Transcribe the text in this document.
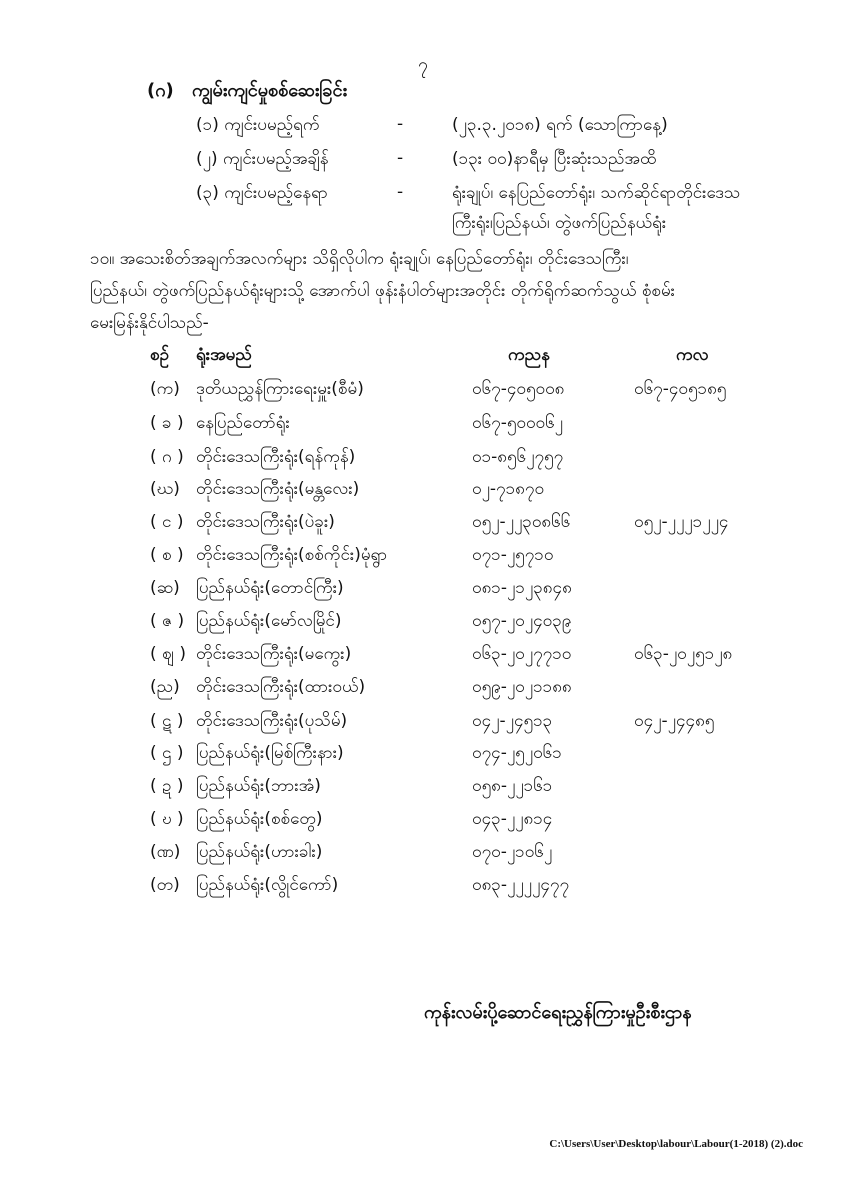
၇
(ဂ) ကျွမ်းကျင်မှုစစ်ဆေးခြင်း
(၁) ကျင်းပမည့်ရက်	-	(၂၃.၃.၂၀၁၈) ရက် (သောကြာနေ့)
(၂) ကျင်းပမည့်အချိန်	-	(၁၃း ၀၀)နာရီမှ ပြီးဆုံးသည်အထိ
(၃) ကျင်းပမည့်နေရာ	-	ရုံးချုပ်၊ နေပြည်တော်ရုံး၊ သက်ဆိုင်ရာတိုင်းဒေသ
ကြီးရုံး၊ပြည်နယ်၊ တွဲဖက်ပြည်နယ်ရုံး
၁၀။ အသေးစိတ်အချက်အလက်များ သိရှိလိုပါက ရုံးချုပ်၊ နေပြည်တော်ရုံး၊ တိုင်းဒေသကြီး၊
ပြည်နယ်၊ တွဲဖက်ပြည်နယ်ရုံးများသို့ အောက်ပါ ဖုန်းနံပါတ်များအတိုင်း တိုက်ရိုက်ဆက်သွယ် စုံစမ်း
မေးမြန်းနိုင်ပါသည်-
စဉ် ရုံးအမည်	ကညန	ကလ
(က) ဒုတိယညွှန်ကြားရေးမှူး(စီမံ)	၀၆၇-၄၀၅၀၀၈	၀၆၇-၄၀၅၁၈၅
( ခ ) နေပြည်တော်ရုံး	၀၆၇-၅၀၀၀၆၂
( ဂ ) တိုင်းဒေသကြီးရုံး(ရန်ကုန်)	၀၁-၈၅၆၂၇၅၇
(ဃ) တိုင်းဒေသကြီးရုံး(မန္တလေး)	၀၂-၇၁၈၇၀
( င ) တိုင်းဒေသကြီးရုံး(ပဲခူး)	၀၅၂-၂၂၃၀၈၆၆	၀၅၂-၂၂၂၁၂၂၄
( စ ) တိုင်းဒေသကြီးရုံး(စစ်ကိုင်း)မုံရွာ	၀၇၁-၂၅၇၁၀
(ဆ) ပြည်နယ်ရုံး(တောင်ကြီး)	၀၈၁-၂၁၂၃၈၄၈
( ဇ ) ပြည်နယ်ရုံး(မော်လမြိုင်)	၀၅၇-၂၀၂၄၀၃၉
( ဈ ) တိုင်းဒေသကြီးရုံး(မကွေး)	၀၆၃-၂၀၂၇၇၁၀	၀၆၃-၂၀၂၅၁၂၈
(ည) တိုင်းဒေသကြီးရုံး(ထားဝယ်)	၀၅၉-၂၀၂၁၁၈၈
( ဋ ) တိုင်းဒေသကြီးရုံး(ပုသိမ်)	၀၄၂-၂၄၅၁၃	၀၄၂-၂၄၄၈၅
( ဌ ) ပြည်နယ်ရုံး(မြစ်ကြီးနား)	၀၇၄-၂၅၂၀၆၁
( ဍ ) ပြည်နယ်ရုံး(ဘားအံ)	၀၅၈-၂၂၁၆၁
( ဎ ) ပြည်နယ်ရုံး(စစ်တွေ)	၀၄၃-၂၂၈၁၄
(ဏ) ပြည်နယ်ရုံး(ဟားခါး)	၀၇၀-၂၁၀၆၂
(တ) ပြည်နယ်ရုံး(လွိုင်ကော်)	၀၈၃-၂၂၂၂၄၇၇
ကုန်းလမ်းပို့ဆောင်ရေးညွှန်ကြားမှုဦးစီးဌာန
C:\Users\User\Desktop\labour\Labour(1-2018) (2).doc
